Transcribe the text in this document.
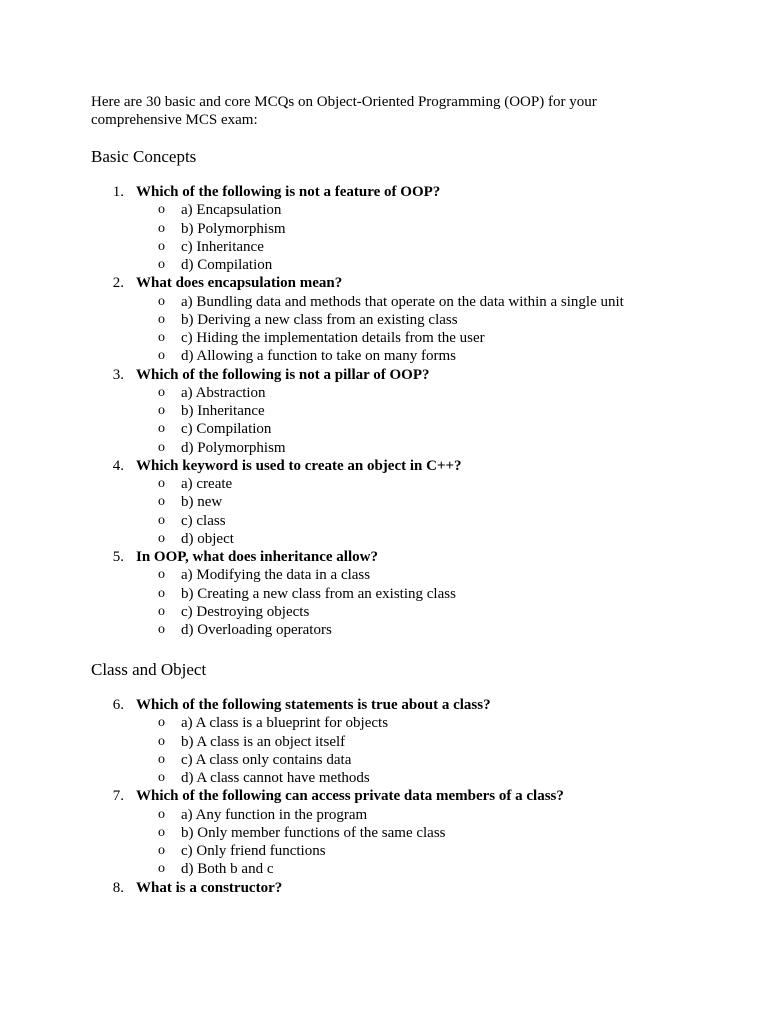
Here are 30 basic and core MCQs on Object-Oriented Programming (OOP) for your comprehensive MCS exam:

Basic Concepts
1. Which of the following is not a feature of OOP?
o a) Encapsulation
o b) Polymorphism
o c) Inheritance
o d) Compilation
2. What does encapsulation mean?
o a) Bundling data and methods that operate on the data within a single unit
o b) Deriving a new class from an existing class
o c) Hiding the implementation details from the user
o d) Allowing a function to take on many forms
3. Which of the following is not a pillar of OOP?
o a) Abstraction
o b) Inheritance
o c) Compilation
o d) Polymorphism
4. Which keyword is used to create an object in C++?
o a) create
o b) new
o c) class
o d) object
5. In OOP, what does inheritance allow?
o a) Modifying the data in a class
o b) Creating a new class from an existing class
o c) Destroying objects
o d) Overloading operators
Class and Object
6. Which of the following statements is true about a class?
o a) A class is a blueprint for objects
o b) A class is an object itself
o c) A class only contains data
o d) A class cannot have methods
7. Which of the following can access private data members of a class?
o a) Any function in the program
o b) Only member functions of the same class
o c) Only friend functions
o d) Both b and c
8. What is a constructor?
